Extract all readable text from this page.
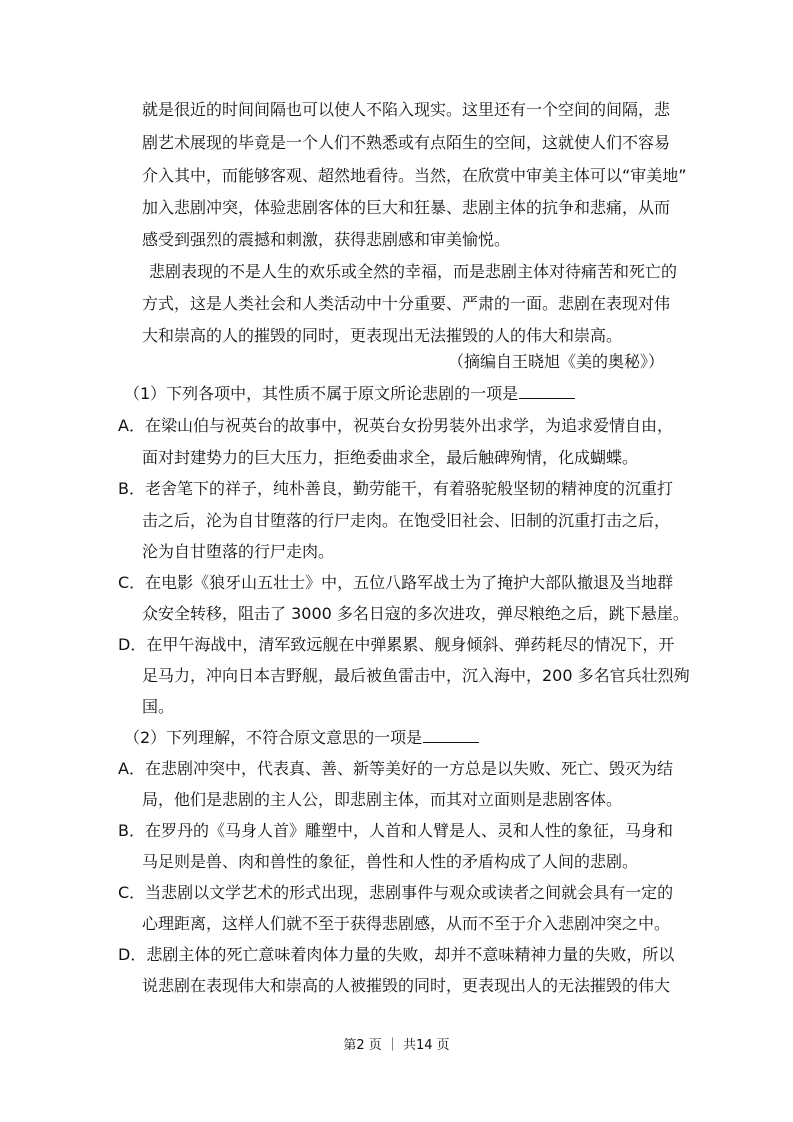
就是很近的时间间隔也可以使人不陷入现实。这里还有一个空间的间隔，悲
剧艺术展现的毕竟是一个人们不熟悉或有点陌生的空间，这就使人们不容易
介入其中，而能够客观、超然地看待。当然，在欣赏中审美主体可以“审美地”
加入悲剧冲突，体验悲剧客体的巨大和狂暴、悲剧主体的抗争和悲痛，从而
感受到强烈的震撼和刺激，获得悲剧感和审美愉悦。
悲剧表现的不是人生的欢乐或全然的幸福，而是悲剧主体对待痛苦和死亡的
方式，这是人类社会和人类活动中十分重要、严肃的一面。悲剧在表现对伟
大和崇高的人的摧毁的同时，更表现出无法摧毁的人的伟大和崇高。
（摘编自王晓旭《美的奥秘》）
（1）下列各项中，其性质不属于原文所论悲剧的一项是
A．在梁山伯与祝英台的故事中，祝英台女扮男装外出求学，为追求爱情自由，
面对封建势力的巨大压力，拒绝委曲求全，最后触碑殉情，化成蝴蝶。
B．老舍笔下的祥子，纯朴善良，勤劳能干，有着骆驼般坚韧的精神度的沉重打
击之后，沦为自甘堕落的行尸走肉。在饱受旧社会、旧制的沉重打击之后，
沦为自甘堕落的行尸走肉。
C．在电影《狼牙山五壮士》中，五位八路军战士为了掩护大部队撤退及当地群
众安全转移，阻击了 3000 多名日寇的多次进攻，弹尽粮绝之后，跳下悬崖。
D．在甲午海战中，清军致远舰在中弹累累、舰身倾斜、弹药耗尽的情况下，开
足马力，冲向日本吉野舰，最后被鱼雷击中，沉入海中，200 多名官兵壮烈殉
国。
（2）下列理解，不符合原文意思的一项是
A．在悲剧冲突中，代表真、善、新等美好的一方总是以失败、死亡、毁灭为结
局，他们是悲剧的主人公，即悲剧主体，而其对立面则是悲剧客体。
B．在罗丹的《马身人首》雕塑中，人首和人臂是人、灵和人性的象征，马身和
马足则是兽、肉和兽性的象征，兽性和人性的矛盾构成了人间的悲剧。
C．当悲剧以文学艺术的形式出现，悲剧事件与观众或读者之间就会具有一定的
心理距离，这样人们就不至于获得悲剧感，从而不至于介入悲剧冲突之中。
D．悲剧主体的死亡意味着肉体力量的失败，却并不意味精神力量的失败，所以
说悲剧在表现伟大和崇高的人被摧毁的同时，更表现出人的无法摧毁的伟大
第2 页 ｜ 共14 页
